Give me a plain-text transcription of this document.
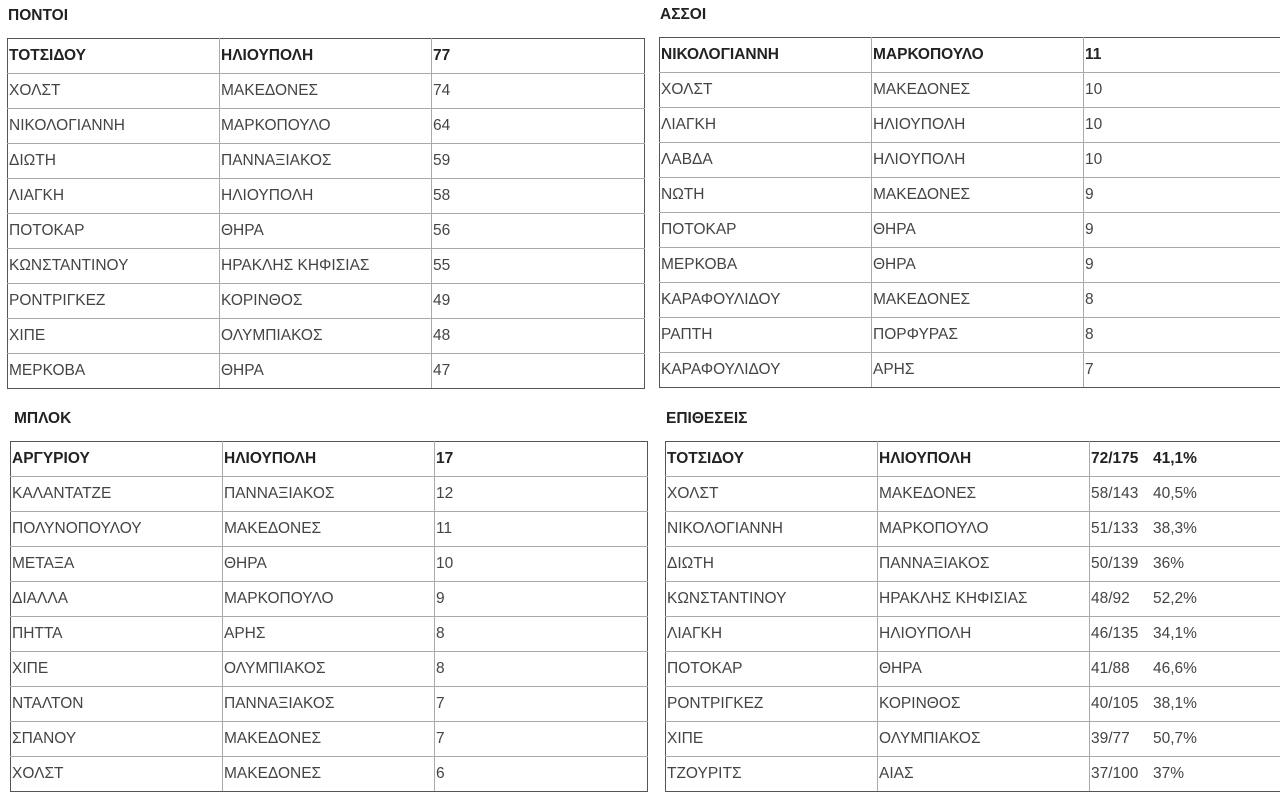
ΠΟΝΤΟΙ
ΤΟΤΣΙΔΟΥ	ΗΛΙΟΥΠΟΛΗ	77
ΧΟΛΣΤ	ΜΑΚΕΔΟΝΕΣ	74
ΝΙΚΟΛΟΓΙΑΝΝΗ	ΜΑΡΚΟΠΟΥΛΟ	64
ΔΙΩΤΗ	ΠΑΝΝΑΞΙΑΚΟΣ	59
ΛΙΑΓΚΗ	ΗΛΙΟΥΠΟΛΗ	58
ΠΟΤΟΚΑΡ	ΘΗΡΑ	56
ΚΩΝΣΤΑΝΤΙΝΟΥ	ΗΡΑΚΛΗΣ ΚΗΦΙΣΙΑΣ	55
ΡΟΝΤΡΙΓΚΕΖ	ΚΟΡΙΝΘΟΣ	49
ΧΙΠΕ	ΟΛΥΜΠΙΑΚΟΣ	48
ΜΕΡΚΟΒΑ	ΘΗΡΑ	47
ΑΣΣΟΙ
ΝΙΚΟΛΟΓΙΑΝΝΗ	ΜΑΡΚΟΠΟΥΛΟ	11
ΧΟΛΣΤ	ΜΑΚΕΔΟΝΕΣ	10
ΛΙΑΓΚΗ	ΗΛΙΟΥΠΟΛΗ	10
ΛΑΒΔΑ	ΗΛΙΟΥΠΟΛΗ	10
ΝΩΤΗ	ΜΑΚΕΔΟΝΕΣ	9
ΠΟΤΟΚΑΡ	ΘΗΡΑ	9
ΜΕΡΚΟΒΑ	ΘΗΡΑ	9
ΚΑΡΑΦΟΥΛΙΔΟΥ	ΜΑΚΕΔΟΝΕΣ	8
ΡΑΠΤΗ	ΠΟΡΦΥΡΑΣ	8
ΚΑΡΑΦΟΥΛΙΔΟΥ	ΑΡΗΣ	7
ΜΠΛΟΚ
ΑΡΓΥΡΙΟΥ	ΗΛΙΟΥΠΟΛΗ	17
ΚΑΛΑΝΤΑΤΖΕ	ΠΑΝΝΑΞΙΑΚΟΣ	12
ΠΟΛΥΝΟΠΟΥΛΟΥ	ΜΑΚΕΔΟΝΕΣ	11
ΜΕΤΑΞΑ	ΘΗΡΑ	10
ΔΙΑΛΛΑ	ΜΑΡΚΟΠΟΥΛΟ	9
ΠΗΤΤΑ	ΑΡΗΣ	8
ΧΙΠΕ	ΟΛΥΜΠΙΑΚΟΣ	8
ΝΤΑΛΤΟΝ	ΠΑΝΝΑΞΙΑΚΟΣ	7
ΣΠΑΝΟΥ	ΜΑΚΕΔΟΝΕΣ	7
ΧΟΛΣΤ	ΜΑΚΕΔΟΝΕΣ	6
ΕΠΙΘΕΣΕΙΣ
ΤΟΤΣΙΔΟΥ	ΗΛΙΟΥΠΟΛΗ	72/175 41,1%
ΧΟΛΣΤ	ΜΑΚΕΔΟΝΕΣ	58/143 40,5%
ΝΙΚΟΛΟΓΙΑΝΝΗ	ΜΑΡΚΟΠΟΥΛΟ	51/133 38,3%
ΔΙΩΤΗ	ΠΑΝΝΑΞΙΑΚΟΣ	50/139 36%
ΚΩΝΣΤΑΝΤΙΝΟΥ	ΗΡΑΚΛΗΣ ΚΗΦΙΣΙΑΣ	48/92 52,2%
ΛΙΑΓΚΗ	ΗΛΙΟΥΠΟΛΗ	46/135 34,1%
ΠΟΤΟΚΑΡ	ΘΗΡΑ	41/88 46,6%
ΡΟΝΤΡΙΓΚΕΖ	ΚΟΡΙΝΘΟΣ	40/105 38,1%
ΧΙΠΕ	ΟΛΥΜΠΙΑΚΟΣ	39/77 50,7%
ΤΖΟΥΡΙΤΣ	ΑΙΑΣ	37/100 37%
